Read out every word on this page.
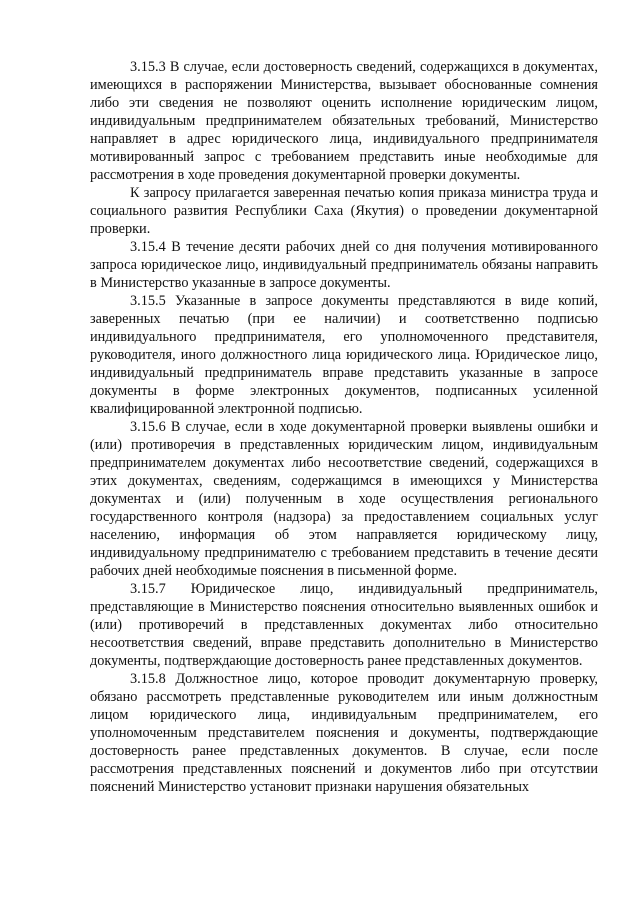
3.15.3 В случае, если достоверность сведений, содержащихся в документах, имеющихся в распоряжении Министерства, вызывает обоснованные сомнения либо эти сведения не позволяют оценить исполнение юридическим лицом, индивидуальным предпринимателем обязательных требований, Министерство направляет в адрес юридического лица, индивидуального предпринимателя мотивированный запрос с требованием представить иные необходимые для рассмотрения в ходе проведения документарной проверки документы.

К запросу прилагается заверенная печатью копия приказа министра труда и социального развития Республики Саха (Якутия) о проведении документарной проверки.

3.15.4 В течение десяти рабочих дней со дня получения мотивированного запроса юридическое лицо, индивидуальный предприниматель обязаны направить в Министерство указанные в запросе документы.

3.15.5 Указанные в запросе документы представляются в виде копий, заверенных печатью (при ее наличии) и соответственно подписью индивидуального предпринимателя, его уполномоченного представителя, руководителя, иного должностного лица юридического лица. Юридическое лицо, индивидуальный предприниматель вправе представить указанные в запросе документы в форме электронных документов, подписанных усиленной квалифицированной электронной подписью.

3.15.6 В случае, если в ходе документарной проверки выявлены ошибки и (или) противоречия в представленных юридическим лицом, индивидуальным предпринимателем документах либо несоответствие сведений, содержащихся в этих документах, сведениям, содержащимся в имеющихся у Министерства документах и (или) полученным в ходе осуществления регионального государственного контроля (надзора) за предоставлением социальных услуг населению, информация об этом направляется юридическому лицу, индивидуальному предпринимателю с требованием представить в течение десяти рабочих дней необходимые пояснения в письменной форме.

3.15.7 Юридическое лицо, индивидуальный предприниматель, представляющие в Министерство пояснения относительно выявленных ошибок и (или) противоречий в представленных документах либо относительно несоответствия сведений, вправе представить дополнительно в Министерство документы, подтверждающие достоверность ранее представленных документов.

3.15.8 Должностное лицо, которое проводит документарную проверку, обязано рассмотреть представленные руководителем или иным должностным лицом юридического лица, индивидуальным предпринимателем, его уполномоченным представителем пояснения и документы, подтверждающие достоверность ранее представленных документов. В случае, если после рассмотрения представленных пояснений и документов либо при отсутствии пояснений Министерство установит признаки нарушения обязательных
